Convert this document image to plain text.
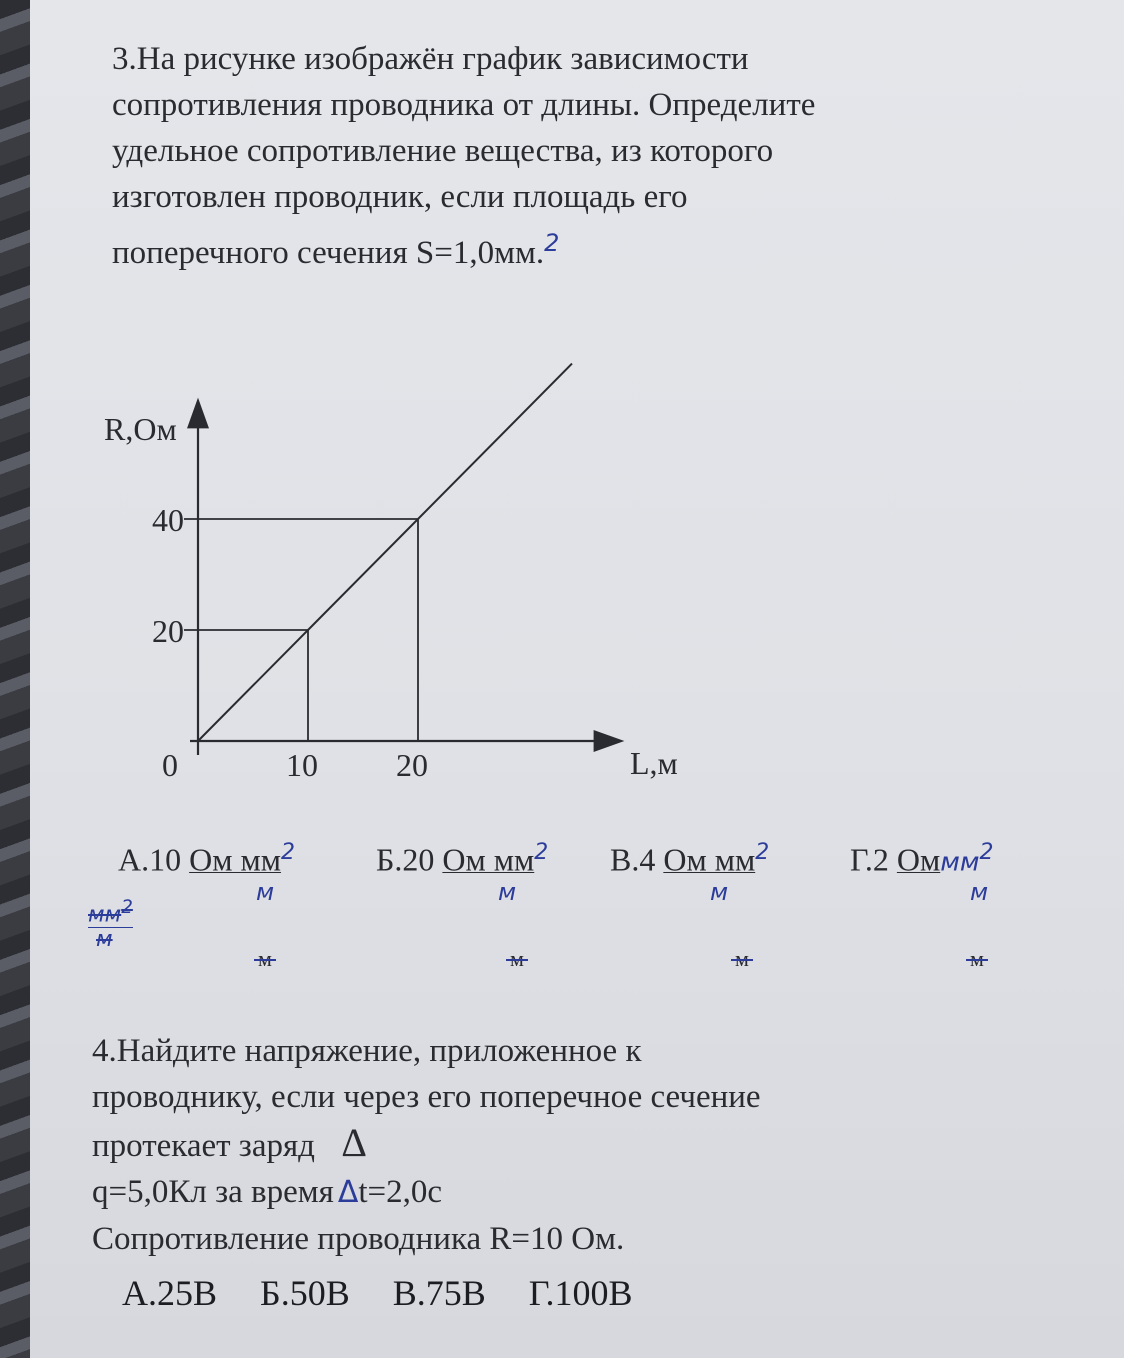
3.На рисунке изображён график зависимости
сопротивления проводника от длины. Определите
удельное сопротивление вещества, из которого
изготовлен проводник, если площадь его
поперечного сечения S=1,0мм.$^2$
R,Ом
L,м
0	10 20
20
40
А.10 Ом $мм^2$
м
Б.20 Ом $мм^2$
м
В.4 Ом $мм^2$
м
Г.2 Оммм$^2$
м
$мм^2$
м
м	м	м	м
4.Найдите напряжение, приложенное к
проводнику, если через его поперечное сечение
протекает заряд Δ
q=5,0Кл за время Δt=2,0с
Сопротивление проводника R=10 Ом.
А.25В Б.50В В.75В Г.100В
